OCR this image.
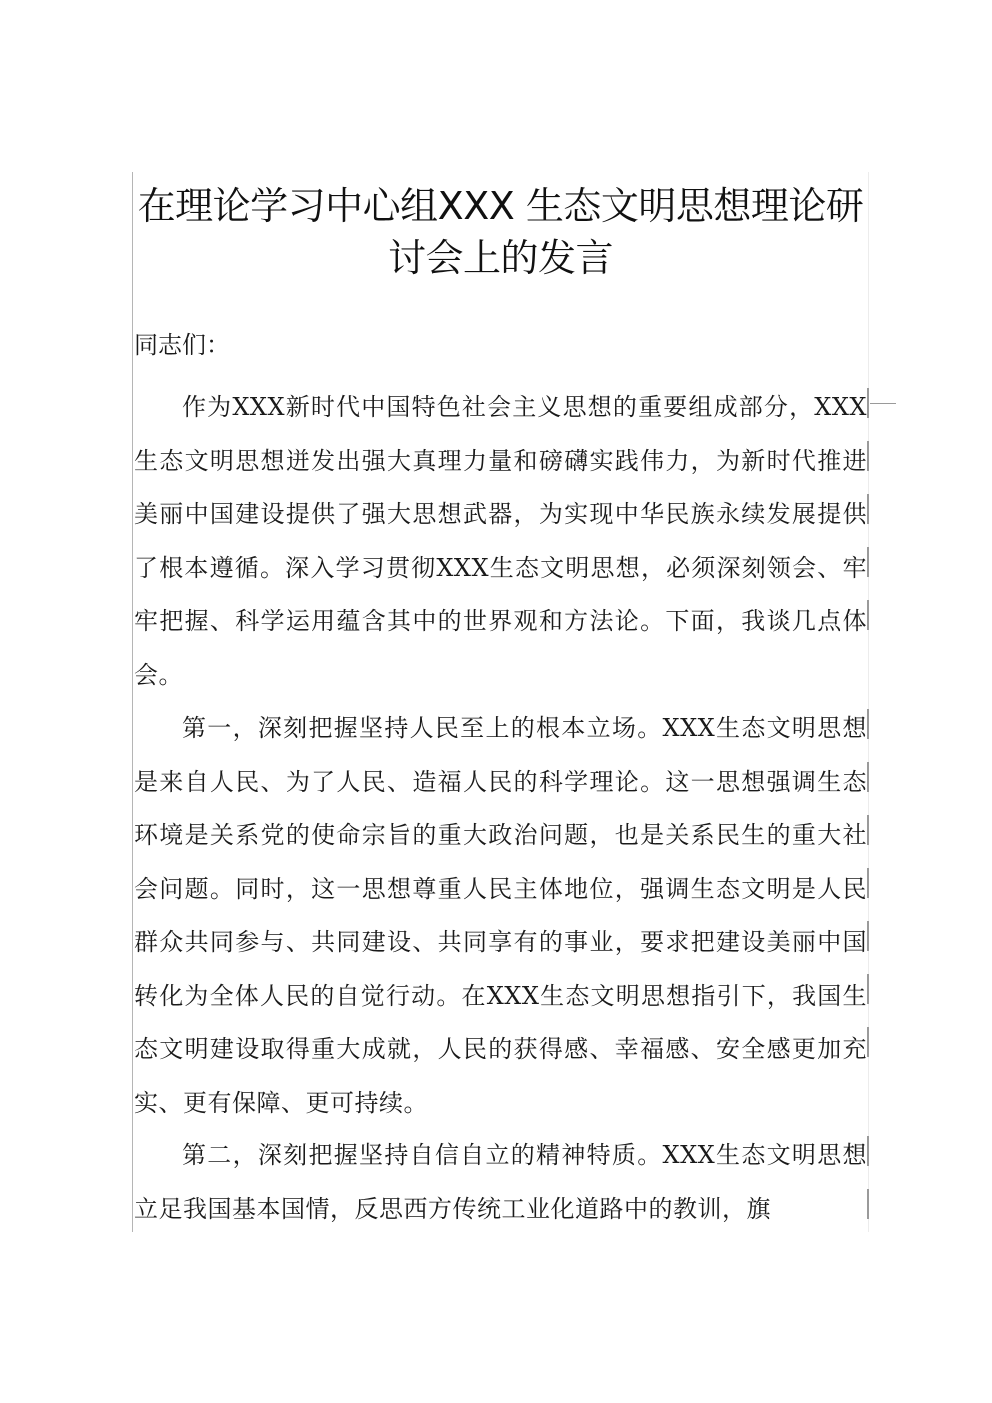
在理论学习中心组XXX 生态文明思想理论研
讨会上的发言

同志们：

作为XXX新时代中国特色社会主义思想的重要组成部分，XXX生态文明思想迸发出强大真理力量和磅礴实践伟力，为新时代推进美丽中国建设提供了强大思想武器，为实现中华民族永续发展提供了根本遵循。深入学习贯彻XXX生态文明思想，必须深刻领会、牢牢把握、科学运用蕴含其中的世界观和方法论。下面，我谈几点体会。

第一，深刻把握坚持人民至上的根本立场。XXX生态文明思想是来自人民、为了人民、造福人民的科学理论。这一思想强调生态环境是关系党的使命宗旨的重大政治问题，也是关系民生的重大社会问题。同时，这一思想尊重人民主体地位，强调生态文明是人民群众共同参与、共同建设、共同享有的事业，要求把建设美丽中国转化为全体人民的自觉行动。在XXX生态文明思想指引下，我国生态文明建设取得重大成就，人民的获得感、幸福感、安全感更加充实、更有保障、更可持续。

第二，深刻把握坚持自信自立的精神特质。XXX生态文明思想立足我国基本国情，反思西方传统工业化道路中的教训，旗
